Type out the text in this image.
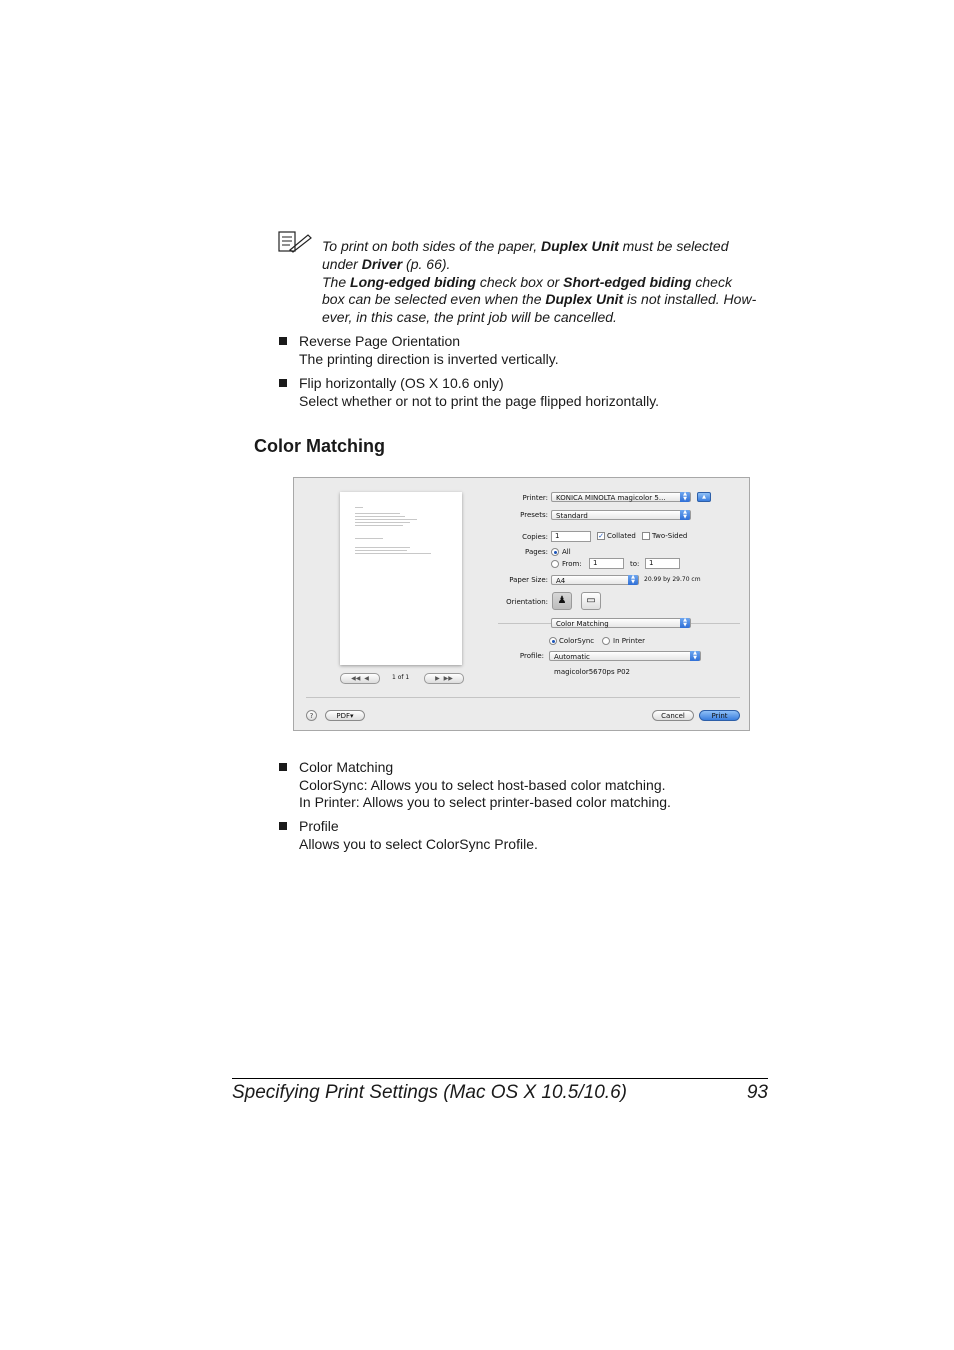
To print on both sides of the paper, Duplex Unit must be selected
under Driver (p. 66).
The Long-edged biding check box or Short-edged biding check
box can be selected even when the Duplex Unit is not installed. How-
ever, in this case, the print job will be cancelled.
Reverse Page Orientation
The printing direction is inverted vertically.
Flip horizontally (OS X 10.6 only)
Select whether or not to print the page flipped horizontally.
Color Matching
◀◀  ◀	1 of 1	▶  ▶▶
Printer:	KONICA MINOLTA magicolor 5...	▲
▼	▲
Presets:	Standard	▲
▼
Copies:	1	✓ Collated Two-Sided
Pages: All
From:	1	to:	1
Paper Size:	A4	▲
▼	20.99 by 29.70 cm
Orientation: ♟	▭
Color Matching	▲
▼
ColorSync	In Printer
Profile:	Automatic	▲
▼
magicolor5670ps P02
?	PDF▾	Cancel	Print
Color Matching
ColorSync: Allows you to select host-based color matching.
In Printer: Allows you to select printer-based color matching.
Profile
Allows you to select ColorSync Profile.
Specifying Print Settings (Mac OS X 10.5/10.6)	93
